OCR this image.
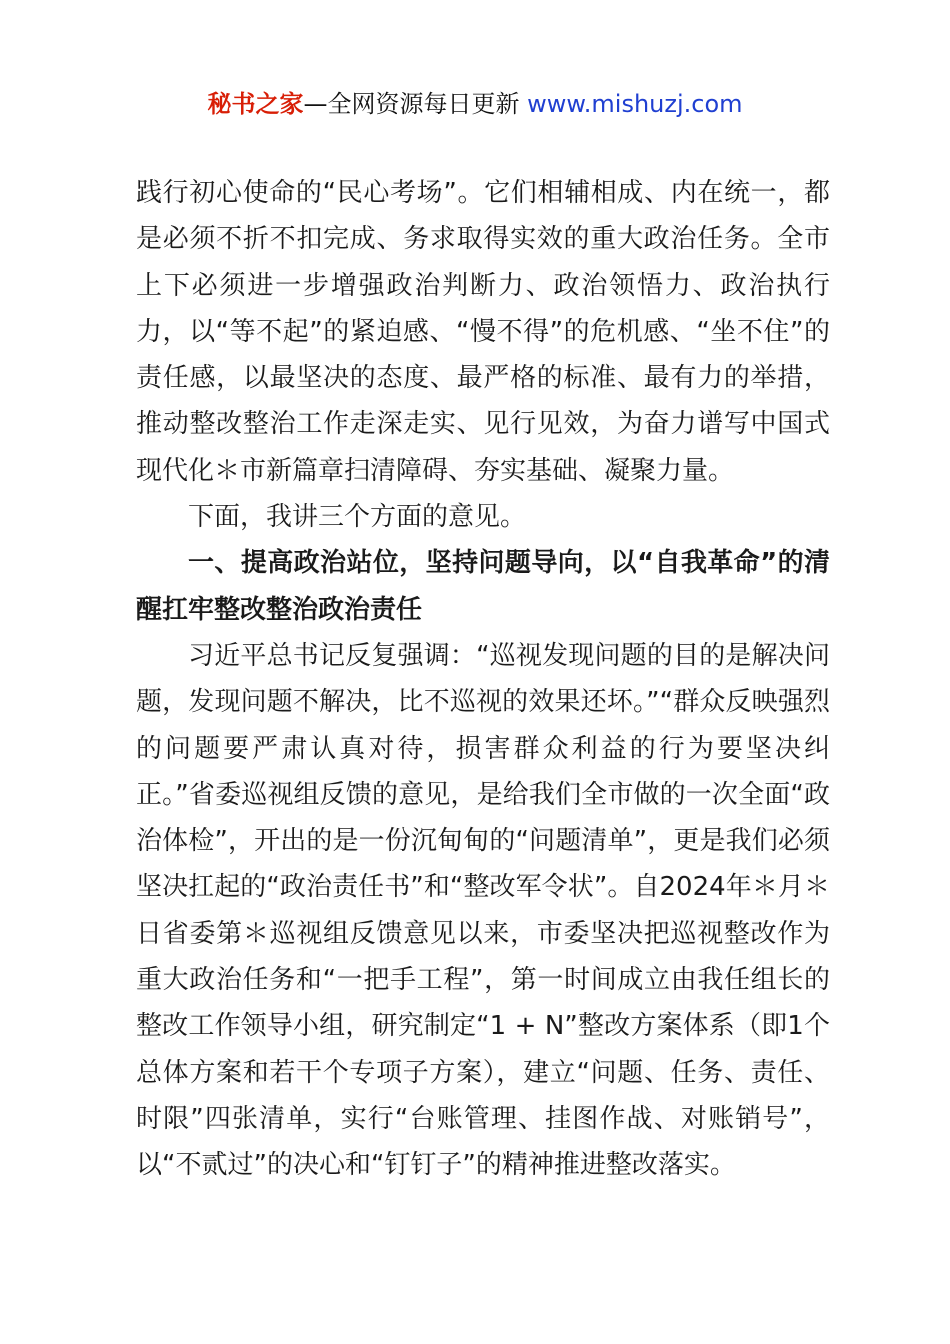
秘书之家—全网资源每日更新 www.mishuzj.com

践行初心使命的“民心考场”。它们相辅相成、内在统一，都是必须不折不扣完成、务求取得实效的重大政治任务。全市上下必须进一步增强政治判断力、政治领悟力、政治执行力，以“等不起”的紧迫感、“慢不得”的危机感、“坐不住”的责任感，以最坚决的态度、最严格的标准、最有力的举措，推动整改整治工作走深走实、见行见效，为奋力谱写中国式现代化＊市新篇章扫清障碍、夯实基础、凝聚力量。

下面，我讲三个方面的意见。

一、提高政治站位，坚持问题导向，以“自我革命”的清醒扛牢整改整治政治责任

习近平总书记反复强调：“巡视发现问题的目的是解决问题，发现问题不解决，比不巡视的效果还坏。”“群众反映强烈的问题要严肃认真对待，损害群众利益的行为要坚决纠正。”省委巡视组反馈的意见，是给我们全市做的一次全面“政治体检”，开出的是一份沉甸甸的“问题清单”，更是我们必须坚决扛起的“政治责任书”和“整改军令状”。自2024年＊月＊日省委第＊巡视组反馈意见以来，市委坚决把巡视整改作为重大政治任务和“一把手工程”，第一时间成立由我任组长的整改工作领导小组，研究制定“1 + N”整改方案体系（即1个总体方案和若干个专项子方案），建立“问题、任务、责任、时限”四张清单，实行“台账管理、挂图作战、对账销号”，以“不贰过”的决心和“钉钉子”的精神推进整改落实。
